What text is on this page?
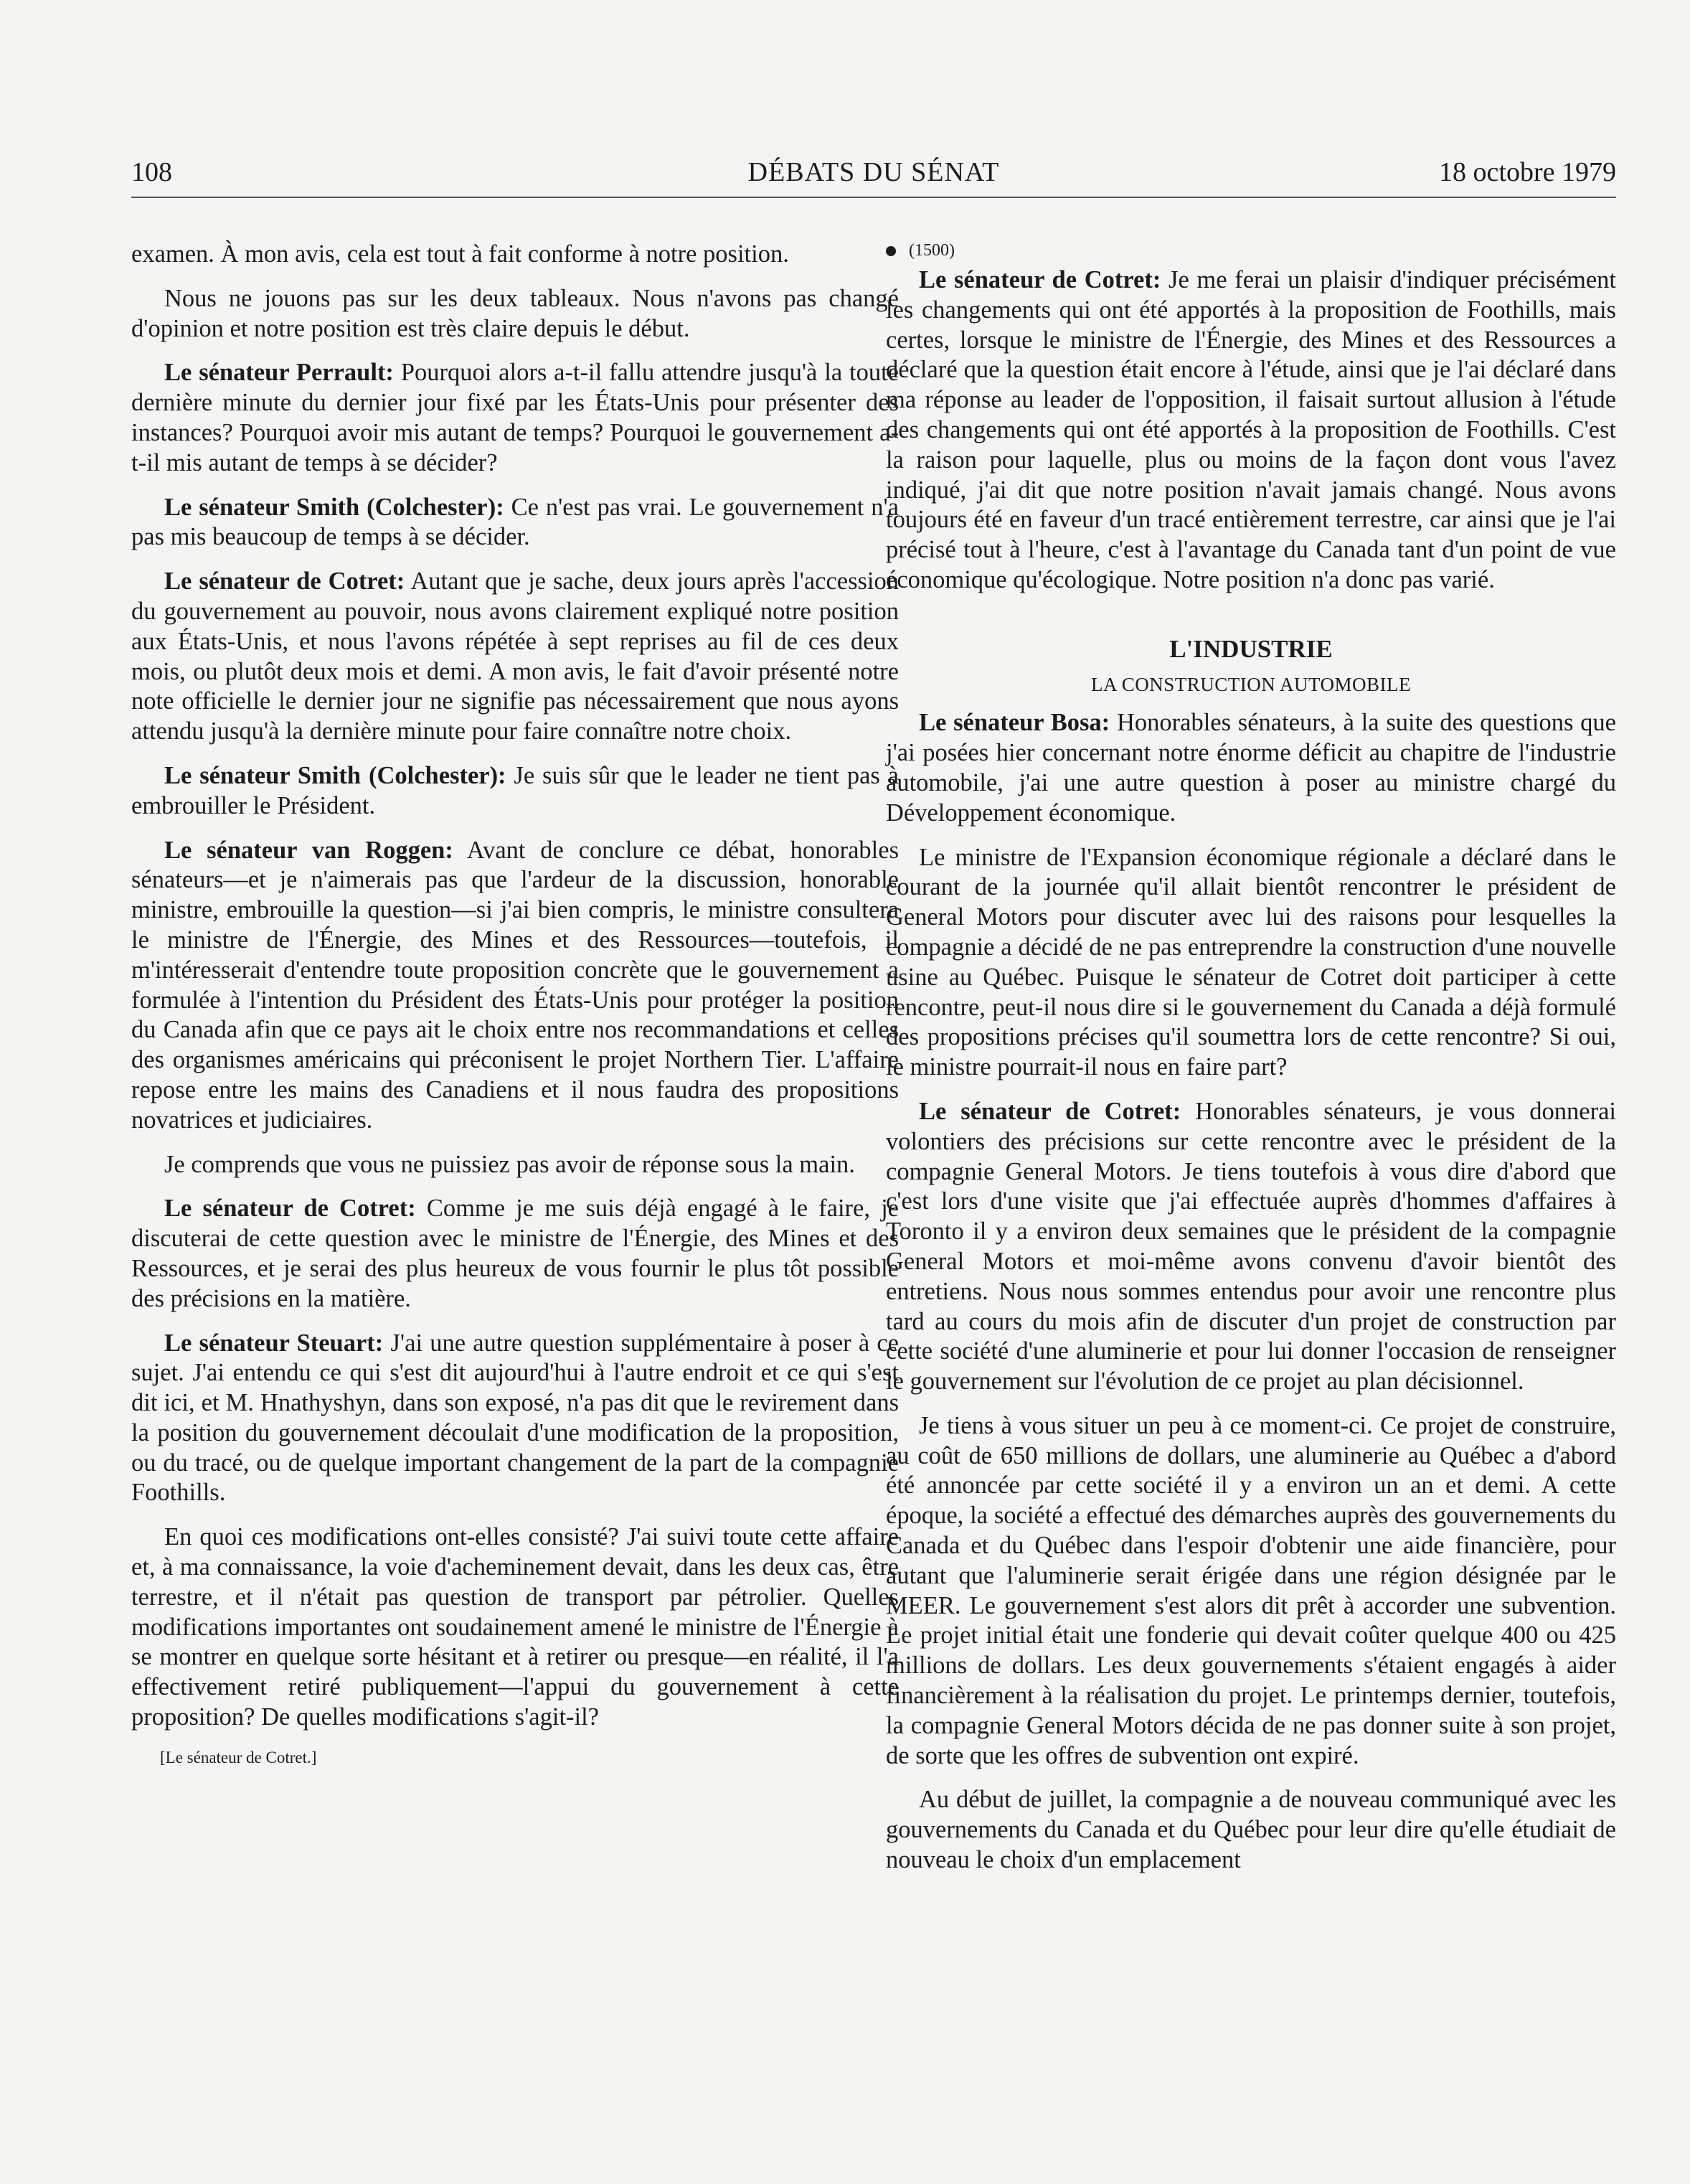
108	DÉBATS DU SÉNAT	18 octobre 1979

examen. À mon avis, cela est tout à fait conforme à notre position.

Nous ne jouons pas sur les deux tableaux. Nous n'avons pas changé d'opinion et notre position est très claire depuis le début.

Le sénateur Perrault: Pourquoi alors a-t-il fallu attendre jusqu'à la toute dernière minute du dernier jour fixé par les États-Unis pour présenter des instances? Pourquoi avoir mis autant de temps? Pourquoi le gouvernement a-t-il mis autant de temps à se décider?

Le sénateur Smith (Colchester): Ce n'est pas vrai. Le gouvernement n'a pas mis beaucoup de temps à se décider.

Le sénateur de Cotret: Autant que je sache, deux jours après l'accession du gouvernement au pouvoir, nous avons clairement expliqué notre position aux États-Unis, et nous l'avons répétée à sept reprises au fil de ces deux mois, ou plutôt deux mois et demi. A mon avis, le fait d'avoir présenté notre note officielle le dernier jour ne signifie pas nécessairement que nous ayons attendu jusqu'à la dernière minute pour faire connaître notre choix.

Le sénateur Smith (Colchester): Je suis sûr que le leader ne tient pas à embrouiller le Président.

Le sénateur van Roggen: Avant de conclure ce débat, honorables sénateurs—et je n'aimerais pas que l'ardeur de la discussion, honorable ministre, embrouille la question—si j'ai bien compris, le ministre consultera le ministre de l'Énergie, des Mines et des Ressources—toutefois, il m'intéresserait d'entendre toute proposition concrète que le gouvernement a formulée à l'intention du Président des États-Unis pour protéger la position du Canada afin que ce pays ait le choix entre nos recommandations et celles des organismes américains qui préconisent le projet Northern Tier. L'affaire repose entre les mains des Canadiens et il nous faudra des propositions novatrices et judiciaires.

Je comprends que vous ne puissiez pas avoir de réponse sous la main.

Le sénateur de Cotret: Comme je me suis déjà engagé à le faire, je discuterai de cette question avec le ministre de l'Énergie, des Mines et des Ressources, et je serai des plus heureux de vous fournir le plus tôt possible des précisions en la matière.

Le sénateur Steuart: J'ai une autre question supplémentaire à poser à ce sujet. J'ai entendu ce qui s'est dit aujourd'hui à l'autre endroit et ce qui s'est dit ici, et M. Hnathyshyn, dans son exposé, n'a pas dit que le revirement dans la position du gouvernement découlait d'une modification de la proposition, ou du tracé, ou de quelque important changement de la part de la compagnie Foothills.

En quoi ces modifications ont-elles consisté? J'ai suivi toute cette affaire et, à ma connaissance, la voie d'acheminement devait, dans les deux cas, être terrestre, et il n'était pas question de transport par pétrolier. Quelles modifications importantes ont soudainement amené le ministre de l'Énergie à se montrer en quelque sorte hésitant et à retirer ou presque—en réalité, il l'a effectivement retiré publiquement—l'appui du gouvernement à cette proposition? De quelles modifications s'agit-il?

[Le sénateur de Cotret.]
(1500)

Le sénateur de Cotret: Je me ferai un plaisir d'indiquer précisément les changements qui ont été apportés à la proposition de Foothills, mais certes, lorsque le ministre de l'Énergie, des Mines et des Ressources a déclaré que la question était encore à l'étude, ainsi que je l'ai déclaré dans ma réponse au leader de l'opposition, il faisait surtout allusion à l'étude des changements qui ont été apportés à la proposition de Foothills. C'est la raison pour laquelle, plus ou moins de la façon dont vous l'avez indiqué, j'ai dit que notre position n'avait jamais changé. Nous avons toujours été en faveur d'un tracé entièrement terrestre, car ainsi que je l'ai précisé tout à l'heure, c'est à l'avantage du Canada tant d'un point de vue économique qu'écologique. Notre position n'a donc pas varié.

L'INDUSTRIE
LA CONSTRUCTION AUTOMOBILE

Le sénateur Bosa: Honorables sénateurs, à la suite des questions que j'ai posées hier concernant notre énorme déficit au chapitre de l'industrie automobile, j'ai une autre question à poser au ministre chargé du Développement économique.

Le ministre de l'Expansion économique régionale a déclaré dans le courant de la journée qu'il allait bientôt rencontrer le président de General Motors pour discuter avec lui des raisons pour lesquelles la compagnie a décidé de ne pas entreprendre la construction d'une nouvelle usine au Québec. Puisque le sénateur de Cotret doit participer à cette rencontre, peut-il nous dire si le gouvernement du Canada a déjà formulé des propositions précises qu'il soumettra lors de cette rencontre? Si oui, le ministre pourrait-il nous en faire part?

Le sénateur de Cotret: Honorables sénateurs, je vous donnerai volontiers des précisions sur cette rencontre avec le président de la compagnie General Motors. Je tiens toutefois à vous dire d'abord que c'est lors d'une visite que j'ai effectuée auprès d'hommes d'affaires à Toronto il y a environ deux semaines que le président de la compagnie General Motors et moi-même avons convenu d'avoir bientôt des entretiens. Nous nous sommes entendus pour avoir une rencontre plus tard au cours du mois afin de discuter d'un projet de construction par cette société d'une aluminerie et pour lui donner l'occasion de renseigner le gouvernement sur l'évolution de ce projet au plan décisionnel.

Je tiens à vous situer un peu à ce moment-ci. Ce projet de construire, au coût de 650 millions de dollars, une aluminerie au Québec a d'abord été annoncée par cette société il y a environ un an et demi. A cette époque, la société a effectué des démarches auprès des gouvernements du Canada et du Québec dans l'espoir d'obtenir une aide financière, pour autant que l'aluminerie serait érigée dans une région désignée par le MEER. Le gouvernement s'est alors dit prêt à accorder une subvention. Le projet initial était une fonderie qui devait coûter quelque 400 ou 425 millions de dollars. Les deux gouvernements s'étaient engagés à aider financièrement à la réalisation du projet. Le printemps dernier, toutefois, la compagnie General Motors décida de ne pas donner suite à son projet, de sorte que les offres de subvention ont expiré.

Au début de juillet, la compagnie a de nouveau communiqué avec les gouvernements du Canada et du Québec pour leur dire qu'elle étudiait de nouveau le choix d'un emplacement
